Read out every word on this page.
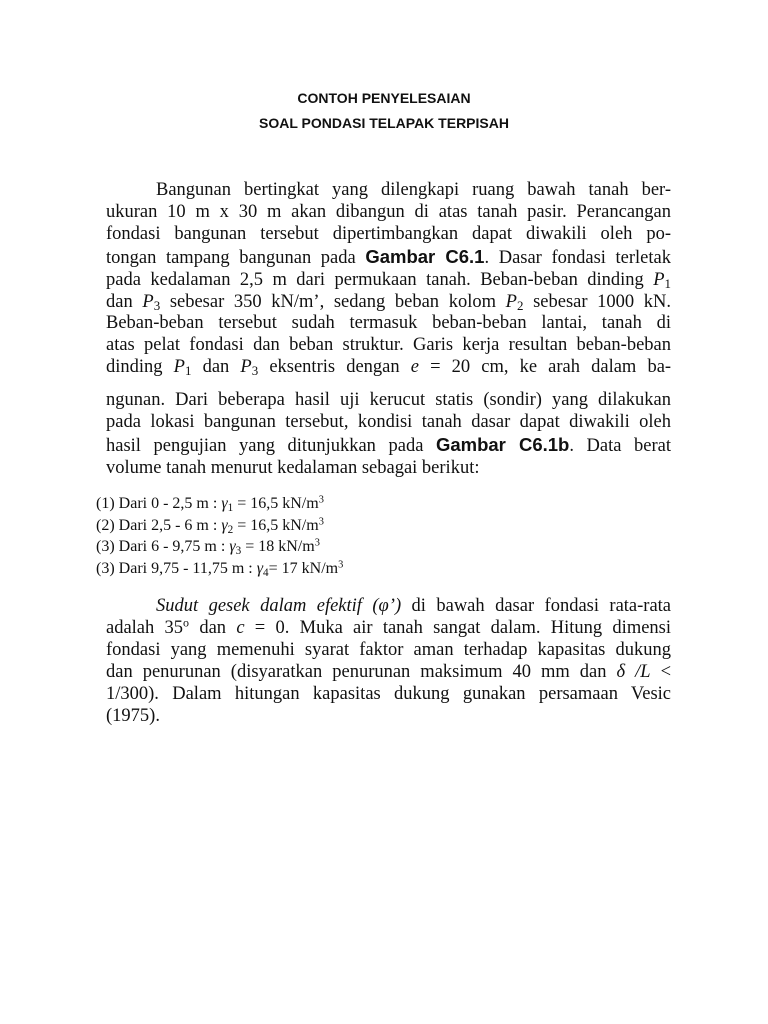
CONTOH PENYELESAIAN

SOAL PONDASI TELAPAK TERPISAH

Bangunan bertingkat yang dilengkapi ruang bawah tanah ber-
ukuran 10 m x 30 m akan dibangun di atas tanah pasir. Perancangan
fondasi bangunan tersebut dipertimbangkan dapat diwakili oleh po-
tongan tampang bangunan pada Gambar C6.1. Dasar fondasi terletak
pada kedalaman 2,5 m dari permukaan tanah. Beban-beban dinding $P_1$
dan $P_3$ sebesar 350 kN/m’, sedang beban kolom $P_2$ sebesar 1000 kN.
Beban-beban tersebut sudah termasuk beban-beban lantai, tanah di
atas pelat fondasi dan beban struktur. Garis kerja resultan beban-beban
dinding $P_1$ dan $P_3$ eksentris dengan e = 20 cm, ke arah dalam ba-
ngunan. Dari beberapa hasil uji kerucut statis (sondir) yang dilakukan
pada lokasi bangunan tersebut, kondisi tanah dasar dapat diwakili oleh
hasil pengujian yang ditunjukkan pada Gambar C6.1b. Data berat
volume tanah menurut kedalaman sebagai berikut:
(1) Dari 0 - 2,5 m : $\gamma_1 = 16,5$ $kN/m^3$
(2) Dari 2,5 - 6 m : $\gamma_2 = 16,5$ $kN/m^3$
(3) Dari 6 - 9,75 m : $\gamma_3 = 18$ $kN/m^3$
(3) Dari 9,75 - 11,75 m : $\gamma_4= 17$ $kN/m^3$
Sudut gesek dalam efektif (φ’) di bawah dasar fondasi rata-rata
adalah 35$^o$ dan c = 0. Muka air tanah sangat dalam. Hitung dimensi
fondasi yang memenuhi syarat faktor aman terhadap kapasitas dukung
dan penurunan (disyaratkan penurunan maksimum 40 mm dan δ /L <
1/300). Dalam hitungan kapasitas dukung gunakan persamaan Vesic
(1975).
